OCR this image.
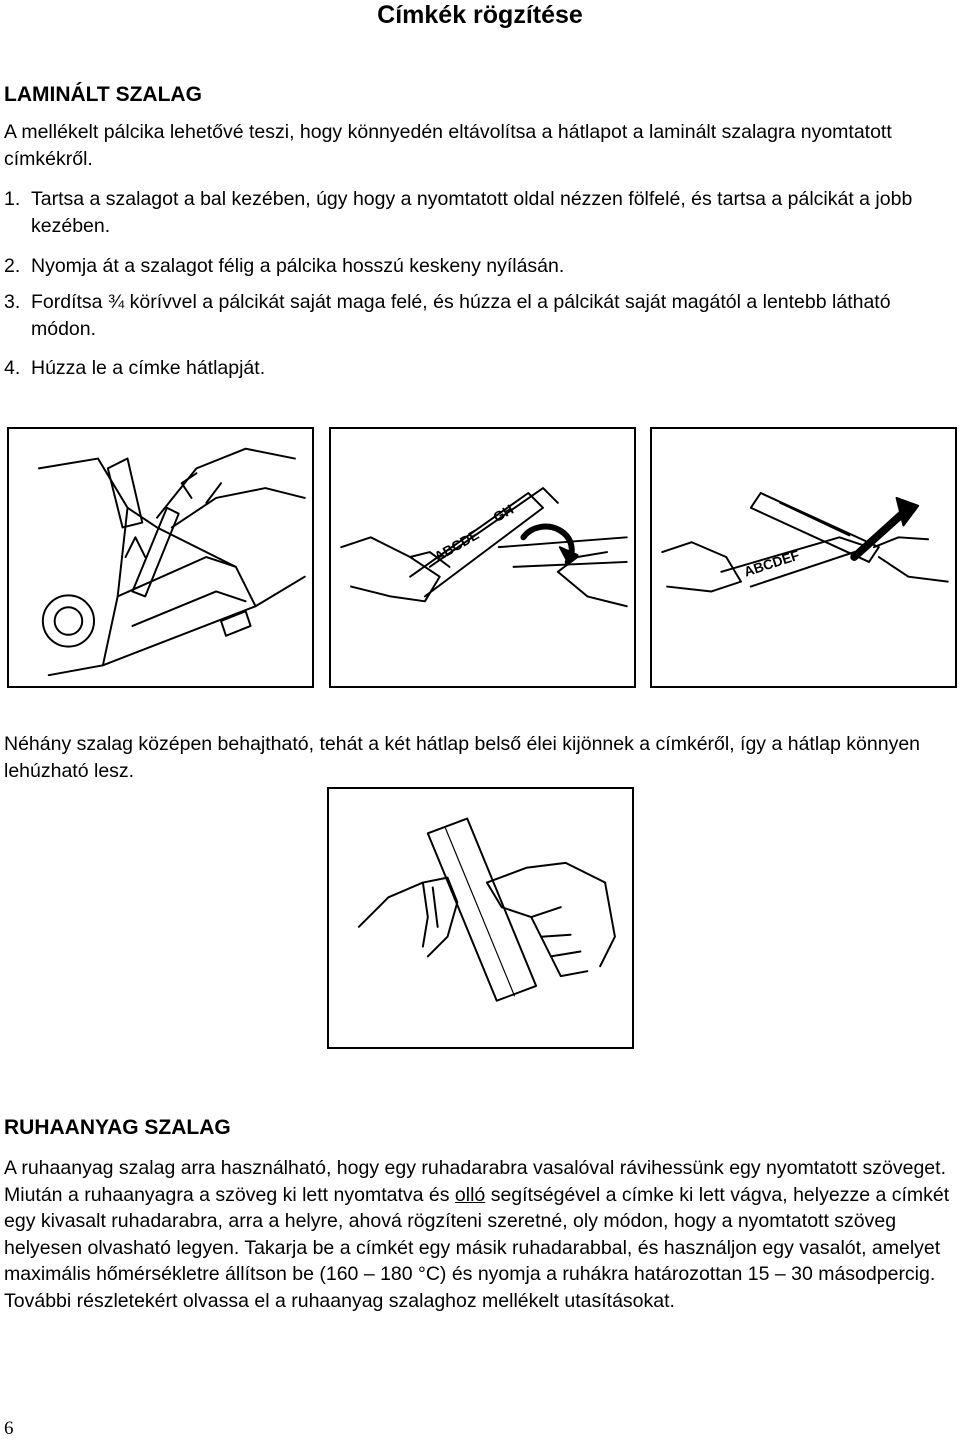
Címkék rögzítése
LAMINÁLT SZALAG

A mellékelt pálcika lehetővé teszi, hogy könnyedén eltávolítsa a hátlapot a laminált szalagra nyomtatott címkékről.

1. Tartsa a szalagot a bal kezében, úgy hogy a nyomtatott oldal nézzen fölfelé, és tartsa a pálcikát a jobb kezében.
2. Nyomja át a szalagot félig a pálcika hosszú keskeny nyílásán.
3. Fordítsa ¾ körívvel a pálcikát saját maga felé, és húzza el a pálcikát saját magától a lentebb látható módon.
4. Húzza le a címke hátlapját.
ABCDE
GH
ABCDEF

Néhány szalag középen behajtható, tehát a két hátlap belső élei kijönnek a címkéről, így a hátlap könnyen lehúzható lesz.

RUHAANYAG SZALAG

A ruhaanyag szalag arra használható, hogy egy ruhadarabra vasalóval rávihessünk egy nyomtatott szöveget. Miután a ruhaanyagra a szöveg ki lett nyomtatva és olló segítségével a címke ki lett vágva, helyezze a címkét egy kivasalt ruhadarabra, arra a helyre, ahová rögzíteni szeretné, oly módon, hogy a nyomtatott szöveg helyesen olvasható legyen. Takarja be a címkét egy másik ruhadarabbal, és használjon egy vasalót, amelyet maximális hőmérsékletre állítson be (160 – 180 °C) és nyomja a ruhákra határozottan 15 – 30 másodpercig. További részletekért olvassa el a ruhaanyag szalaghoz mellékelt utasításokat.

6
